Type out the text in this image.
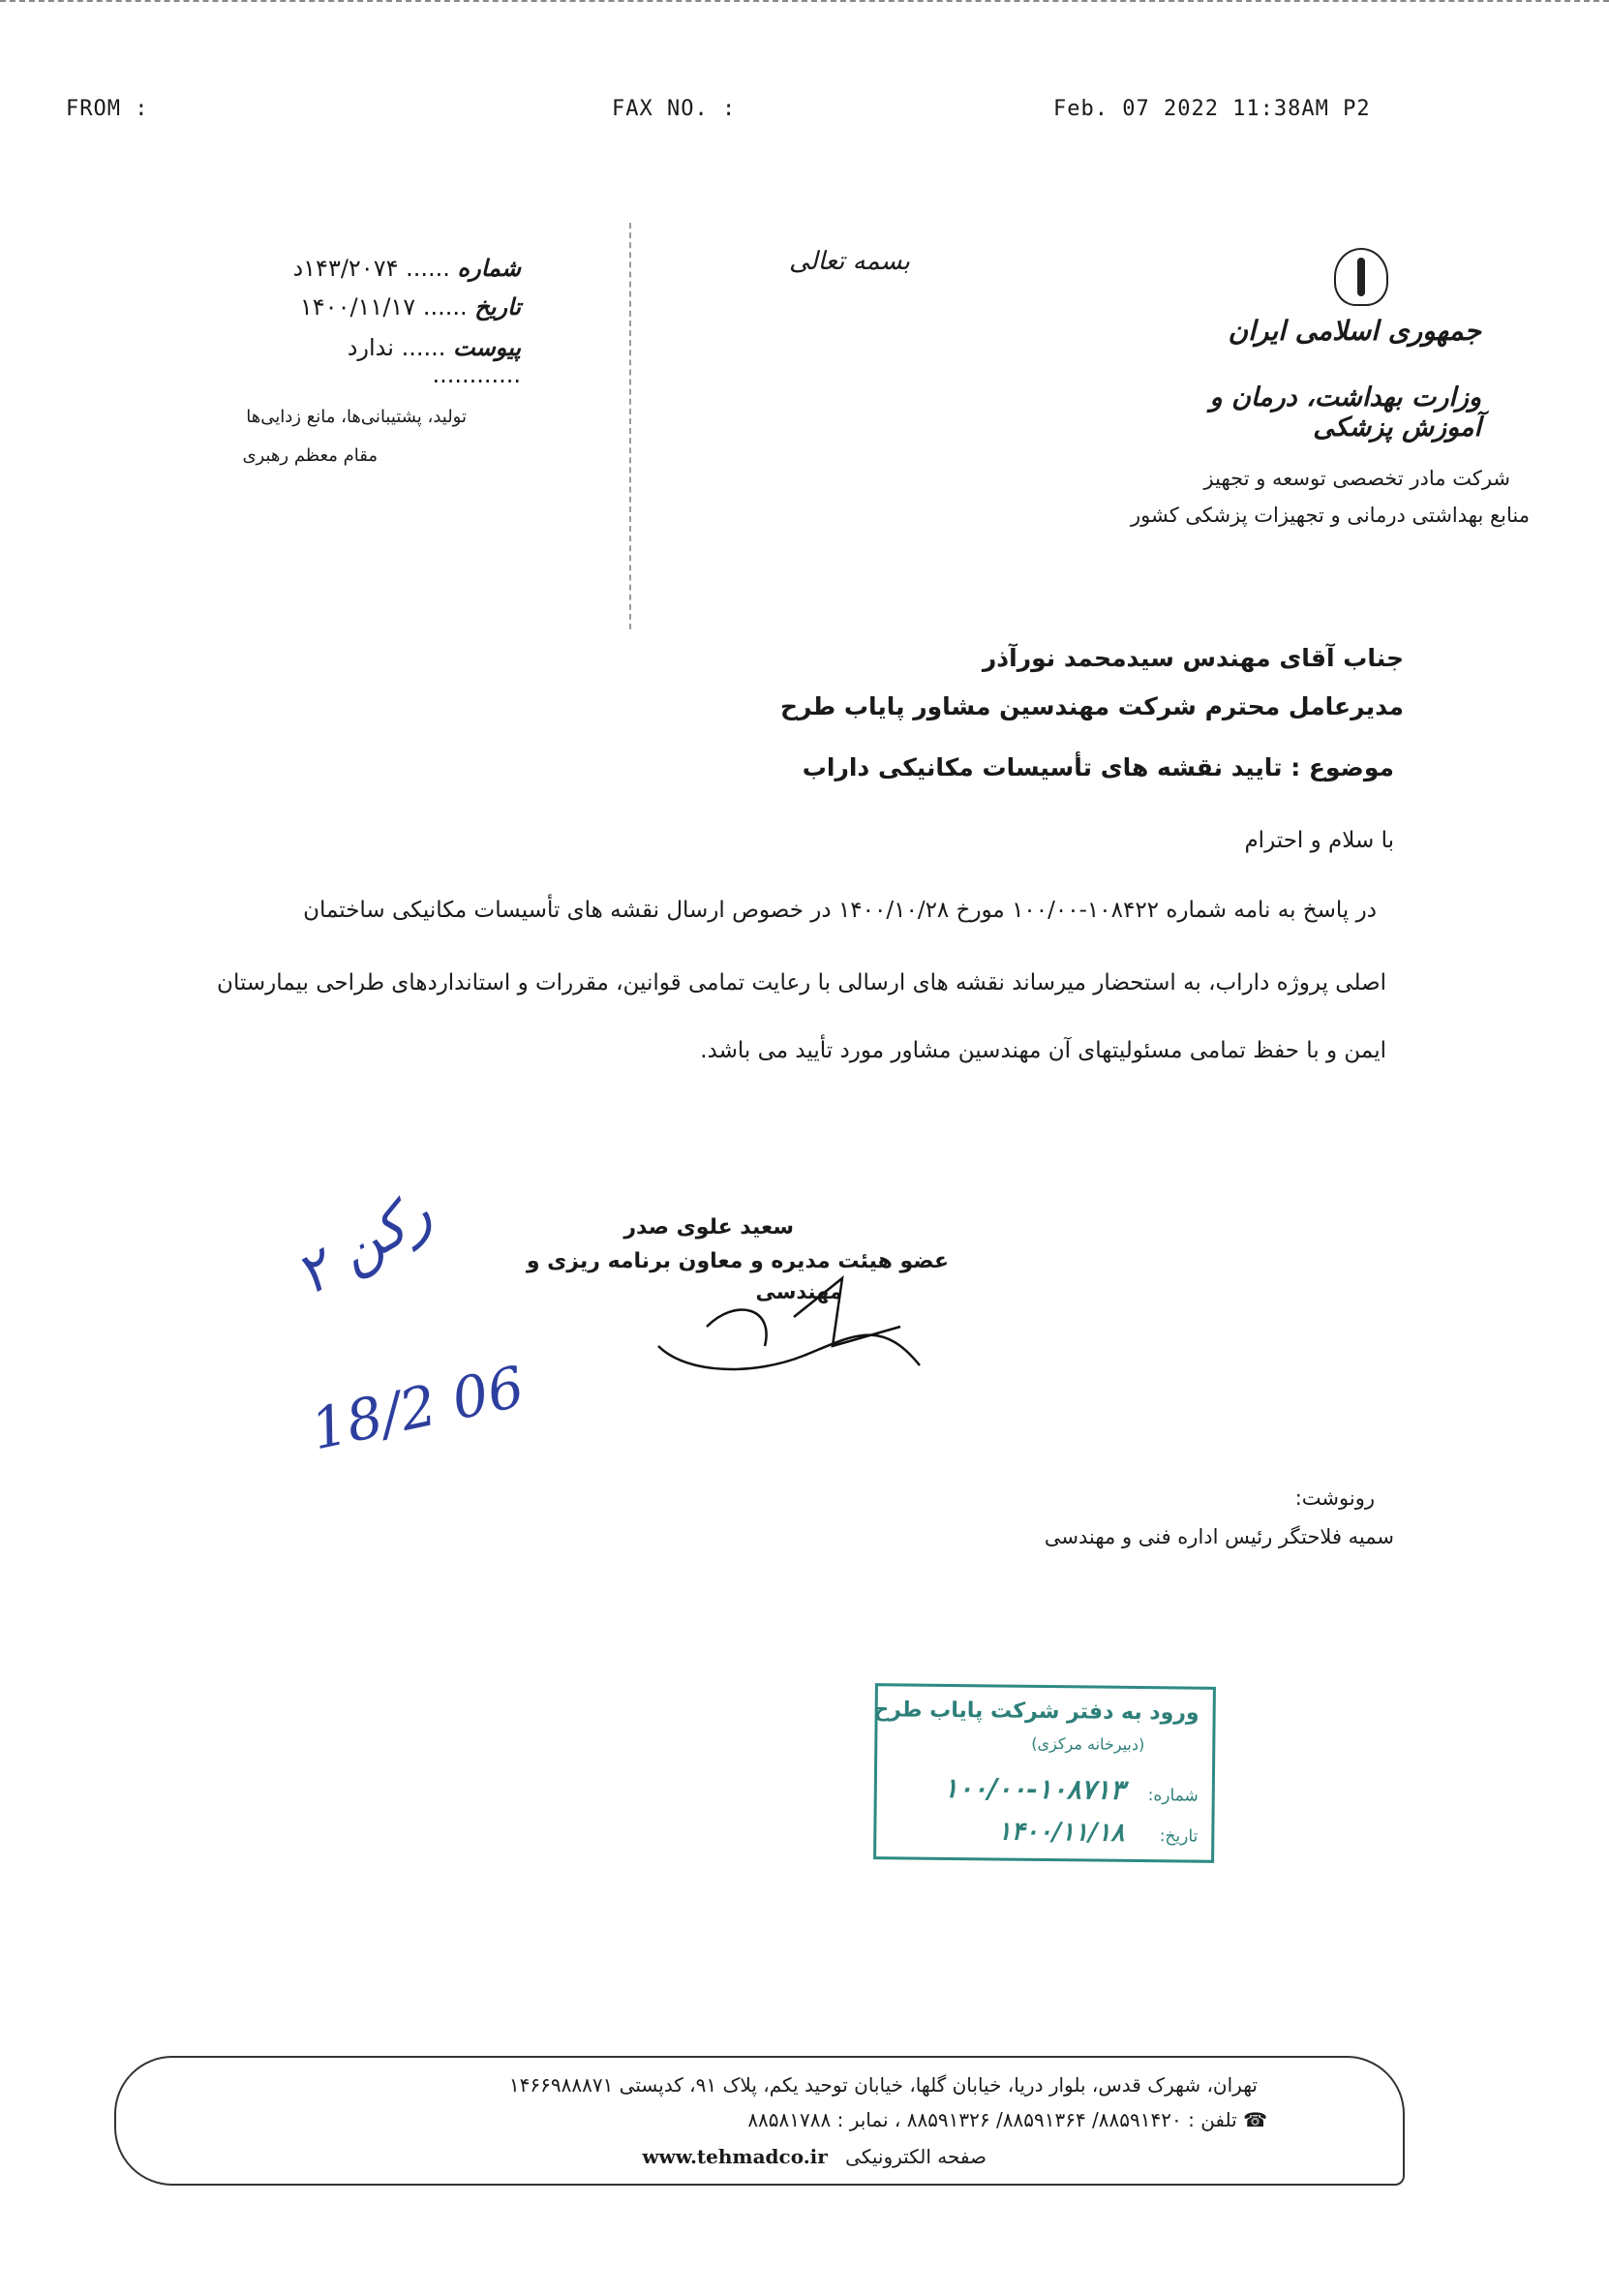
FROM :	FAX NO. :	Feb. 07 2022 11:38AM P2
بسمه تعالی
جمهوری اسلامی ایران
وزارت بهداشت، درمان و آموزش پزشکی
شرکت مادر تخصصی توسعه و تجهیز
منابع بهداشتی درمانی و تجهیزات پزشکی کشور
شماره ...... ۱۴۳/۲۰۷۴د
تاریخ ...... ۱۴۰۰/۱۱/۱۷
پیوست ...... ندارد ............
تولید، پشتیبانی‌ها، مانع زدایی‌ها
مقام معظم رهبری
جناب آقای مهندس سیدمحمد نورآذر
مدیرعامل محترم شرکت مهندسین مشاور پایاب طرح
موضوع : تایید نقشه های تأسیسات مکانیکی داراب
با سلام و احترام
در پاسخ به نامه شماره ۱۰۸۴۲۲-۱۰۰/۰۰ مورخ ۱۴۰۰/۱۰/۲۸ در خصوص ارسال نقشه های تأسیسات مکانیکی ساختمان
اصلی پروژه داراب، به استحضار میرساند نقشه های ارسالی با رعایت تمامی قوانین، مقررات و استانداردهای طراحی بیمارستان
ایمن و با حفظ تمامی مسئولیتهای آن مهندسین مشاور مورد تأیید می باشد.
سعید علوی صدر
عضو هیئت مدیره و معاون برنامه ریزی و
مهندسی
رکن ۲
18/2 06
رونوشت:
سمیه فلاحتگر رئیس اداره فنی و مهندسی
ورود به دفتر شرکت پایاب طرح
(دبیرخانه مرکزی)
شماره:
۱۰۰/۰۰-۱۰۸۷۱۳
تاریخ:
۱۴۰۰/۱۱/۱۸
تهران، شهرک قدس، بلوار دریا، خیابان گلها، خیابان توحید یکم، پلاک ۹۱، کدپستی ۱۴۶۶۹۸۸۸۷۱
☎ تلفن : ۸۸۵۹۱۴۲۰/ ۸۸۵۹۱۳۶۴/ ۸۸۵۹۱۳۲۶ ، نمابر : ۸۸۵۸۱۷۸۸
صفحه الکترونیکی www.tehmadco.ir
